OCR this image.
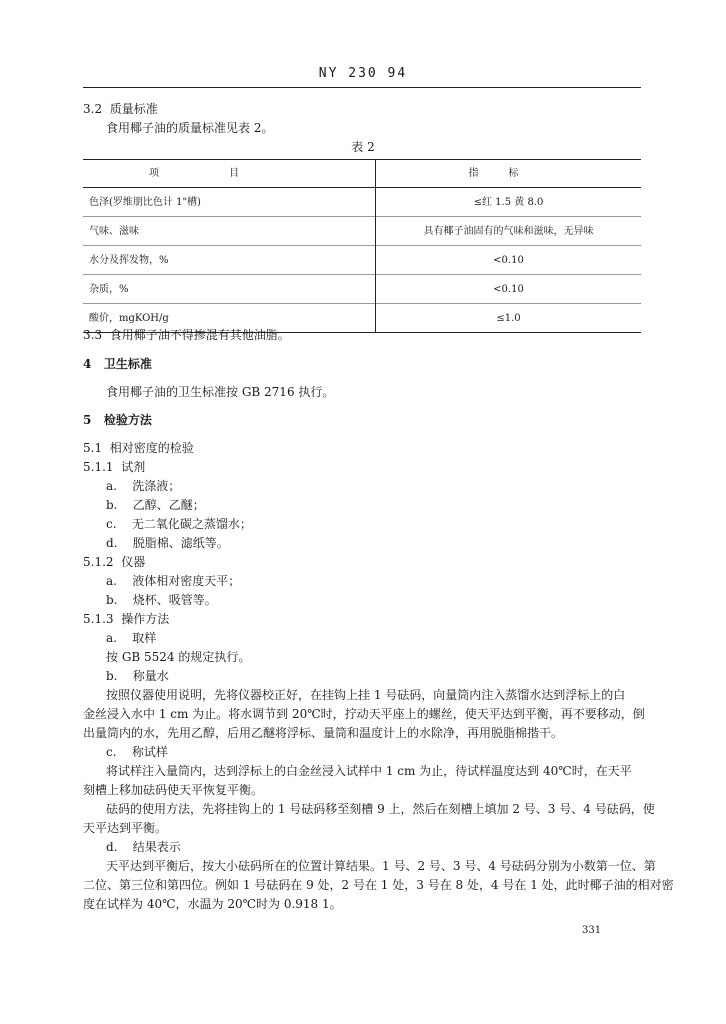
NY 230 94
3.2 质量标准
食用椰子油的质量标准见表 2。
表 2
项目	指标
色泽(罗维朋比色计 1"槽)	≤红 1.5 黄 8.0
气味、滋味	具有椰子油固有的气味和滋味，无异味
水分及挥发物，%	<0.10
杂质，%	<0.10
酸价，mgKOH/g	≤1.0
3.3 食用椰子油不得掺混有其他油脂。
4 卫生标准
食用椰子油的卫生标准按 GB 2716 执行。
5 检验方法
5.1 相对密度的检验
5.1.1 试剂
a. 洗涤液；
b. 乙醇、乙醚；
c. 无二氧化碳之蒸馏水；
d. 脱脂棉、滤纸等。
5.1.2 仪器
a. 液体相对密度天平；
b. 烧杯、吸管等。
5.1.3 操作方法
a. 取样
按 GB 5524 的规定执行。
b. 称量水
按照仪器使用说明，先将仪器校正好，在挂钩上挂 1 号砝码，向量筒内注入蒸馏水达到浮标上的白
金丝浸入水中 1 cm 为止。将水调节到 20℃时，拧动天平座上的螺丝，使天平达到平衡，再不要移动，倒
出量筒内的水，先用乙醇，后用乙醚将浮标、量筒和温度计上的水除净，再用脱脂棉揩干。
c. 称试样
将试样注入量筒内，达到浮标上的白金丝浸入试样中 1 cm 为止，待试样温度达到 40℃时，在天平
刻槽上移加砝码使天平恢复平衡。
砝码的使用方法，先将挂钩上的 1 号砝码移至刻槽 9 上，然后在刻槽上填加 2 号、3 号、4 号砝码，使
天平达到平衡。
d. 结果表示
天平达到平衡后，按大小砝码所在的位置计算结果。1 号、2 号、3 号、4 号砝码分别为小数第一位、第
二位、第三位和第四位。例如 1 号砝码在 9 处，2 号在 1 处，3 号在 8 处，4 号在 1 处，此时椰子油的相对密
度在试样为 40℃，水温为 20℃时为 0.918 1。
331
